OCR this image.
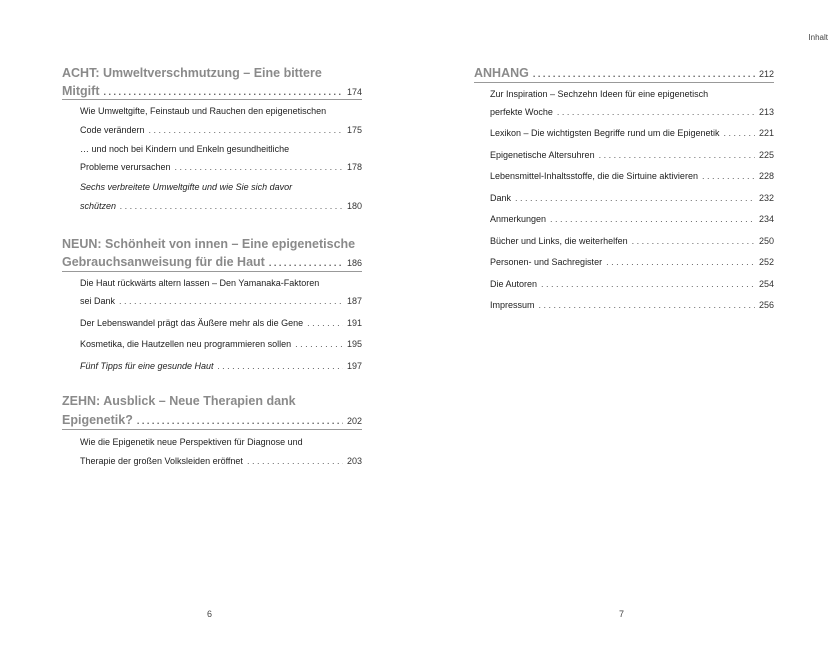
ACHT: Umweltverschmutzung – Eine bittere
Mitgift . . .	174
Wie Umweltgifte, Feinstaub und Rauchen den epigenetischen
Code verändern . . .	175
… und noch bei Kindern und Enkeln gesundheitliche
Probleme verursachen . . .	178
Sechs verbreitete Umweltgifte und wie Sie sich davor
schützen . . .	180
NEUN: Schönheit von innen – Eine epigenetische
Gebrauchsanweisung für die Haut . . .	186
Die Haut rückwärts altern lassen – Den Yamanaka-Faktoren
sei Dank . . .	187
Der Lebenswandel prägt das Äußere mehr als die Gene . . .	191
Kosmetika, die Hautzellen neu programmieren sollen . . .	195
Fünf Tipps für eine gesunde Haut . . .	197
ZEHN: Ausblick – Neue Therapien dank
Epigenetik? . . .	202
Wie die Epigenetik neue Perspektiven für Diagnose und
Therapie der großen Volksleiden eröffnet . . .	203
6
Inhalt
ANHANG . . .	212
Zur Inspiration – Sechzehn Ideen für eine epigenetisch
perfekte Woche . . .	213
Lexikon – Die wichtigsten Begriffe rund um die Epigenetik . . .	221
Epigenetische Altersuhren . . .	225
Lebensmittel-Inhaltsstoffe, die die Sirtuine aktivieren . . .	228
Dank . . .	232
Anmerkungen . . .	234
Bücher und Links, die weiterhelfen . . .	250
Personen- und Sachregister . . .	252
Die Autoren . . .	254
Impressum . . .	256
7
